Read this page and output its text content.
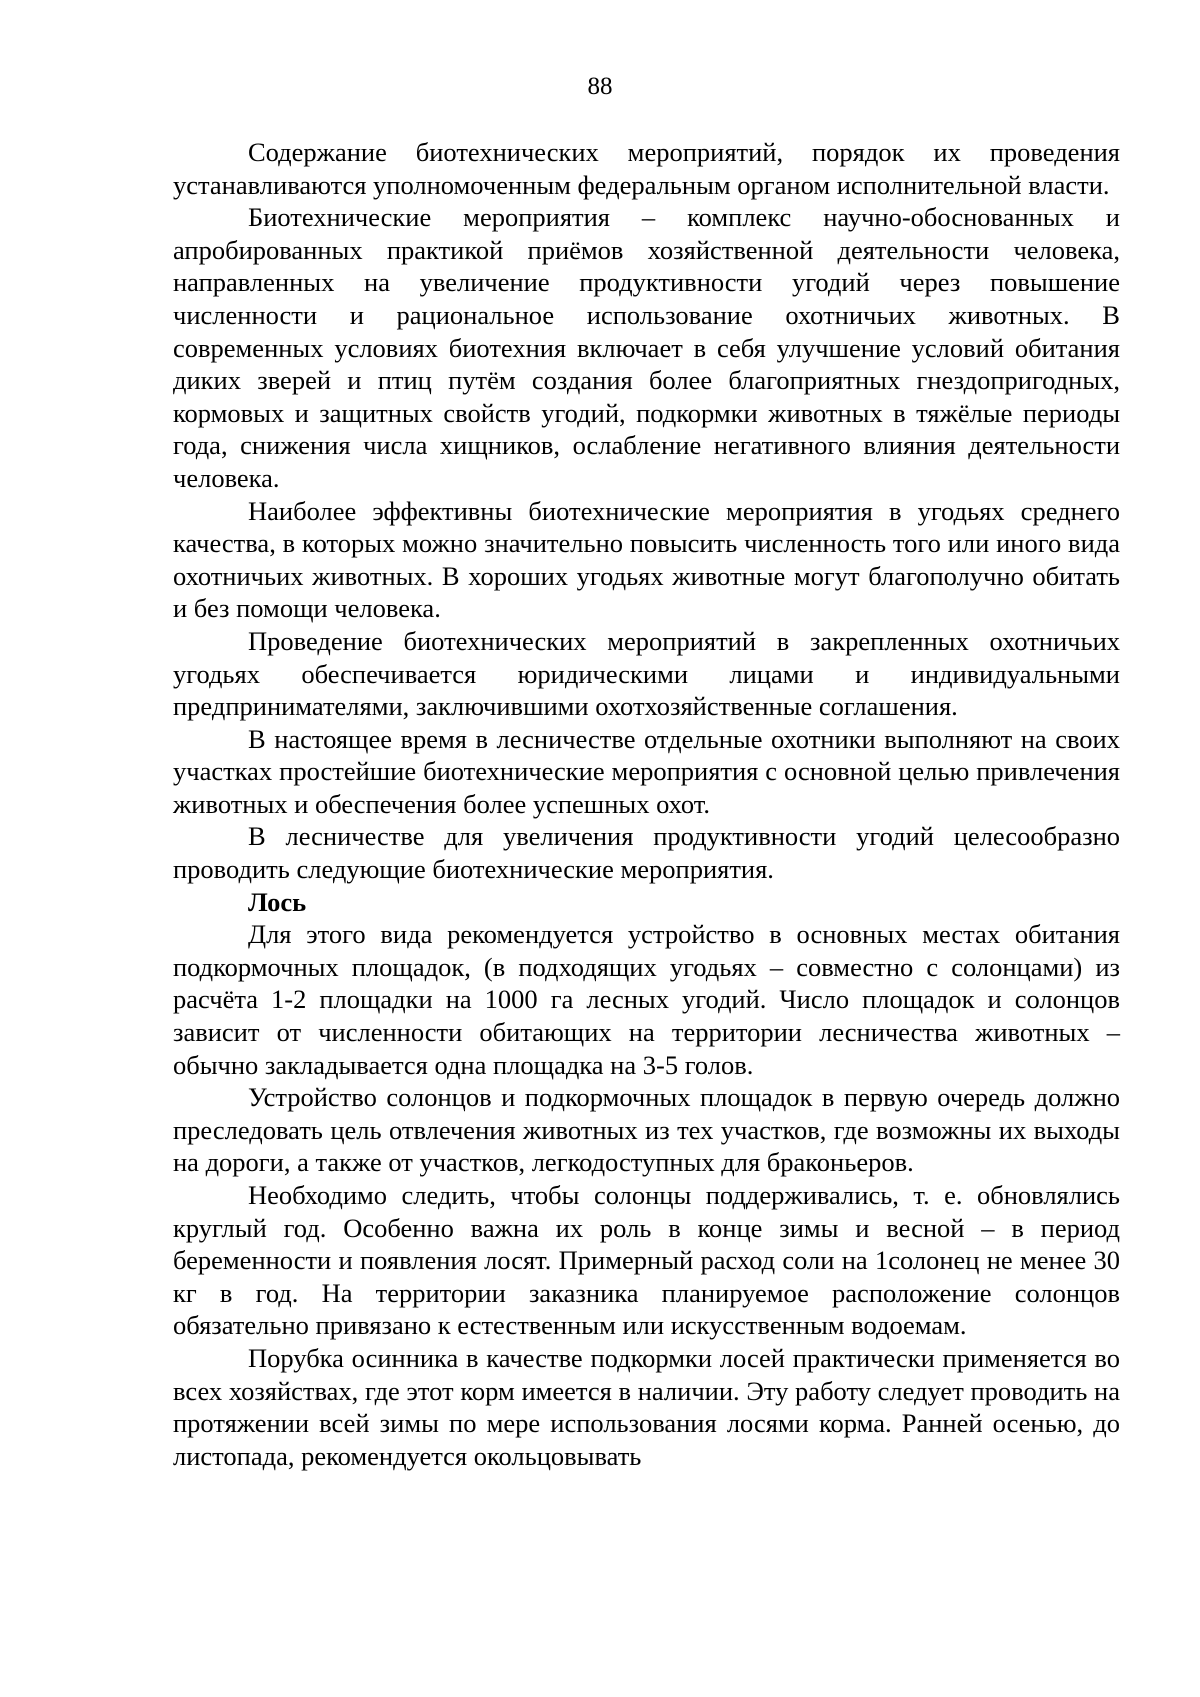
88

Содержание биотехнических мероприятий, порядок их проведения устанавливаются уполномоченным федеральным органом исполнительной власти.

Биотехнические мероприятия – комплекс научно-обоснованных и апробированных практикой приёмов хозяйственной деятельности человека, направленных на увеличение продуктивности угодий через повышение численности и рациональное использование охотничьих животных. В современных условиях биотехния включает в себя улучшение условий обитания диких зверей и птиц путём создания более благоприятных гнездопригодных, кормовых и защитных свойств угодий, подкормки животных в тяжёлые периоды года, снижения числа хищников, ослабление негативного влияния деятельности человека.

Наиболее эффективны биотехнические мероприятия в угодьях среднего качества, в которых можно значительно повысить численность того или иного вида охотничьих животных. В хороших угодьях животные могут благополучно обитать и без помощи человека.

Проведение биотехнических мероприятий в закрепленных охотничьих угодьях обеспечивается юридическими лицами и индивидуальными предпринимателями, заключившими охотхозяйственные соглашения.

В настоящее время в лесничестве отдельные охотники выполняют на своих участках простейшие биотехнические мероприятия с основной целью привлечения животных и обеспечения более успешных охот.

В лесничестве для увеличения продуктивности угодий целесообразно проводить следующие биотехнические мероприятия.

Лось

Для этого вида рекомендуется устройство в основных местах обитания подкормочных площадок, (в подходящих угодьях – совместно с солонцами) из расчёта 1-2 площадки на 1000 га лесных угодий. Число площадок и солонцов зависит от численности обитающих на территории лесничества животных – обычно закладывается одна площадка на 3-5 голов.

Устройство солонцов и подкормочных площадок в первую очередь должно преследовать цель отвлечения животных из тех участков, где возможны их выходы на дороги, а также от участков, легкодоступных для браконьеров.

Необходимо следить, чтобы солонцы поддерживались, т. е. обновлялись круглый год. Особенно важна их роль в конце зимы и весной – в период беременности и появления лосят. Примерный расход соли на 1солонец не менее 30 кг в год. На территории заказника планируемое расположение солонцов обязательно привязано к естественным или искусственным водоемам.

Порубка осинника в качестве подкормки лосей практически применяется во всех хозяйствах, где этот корм имеется в наличии. Эту работу следует проводить на протяжении всей зимы по мере использования лосями корма. Ранней осенью, до листопада, рекомендуется окольцовывать
